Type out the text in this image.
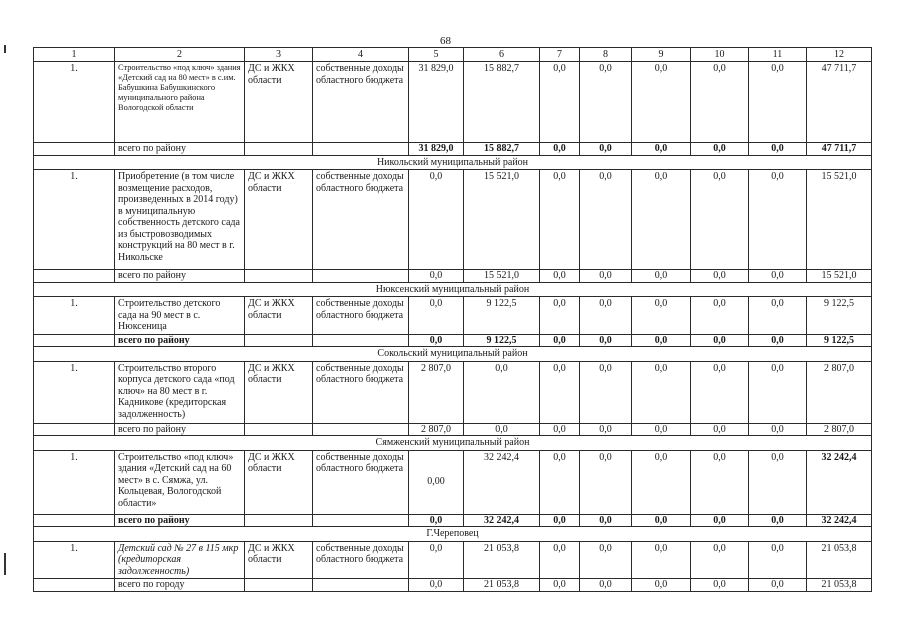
68
1	2	3	4	5	6	7	8	9	10	11	12
1.	Строительство «под ключ» здания «Детский сад на 80 мест» в с.им. Бабушкина Бабушкинского муниципального района Вологодской области	ДС и ЖКХ области	собственные доходы областного бюджета	31 829,0	15 882,7	0,0	0,0	0,0	0,0	0,0	47 711,7
	всего по району			31 829,0	15 882,7	0,0	0,0	0,0	0,0	0,0	47 711,7
Никольский муниципальный район											
1.	Приобретение (в том числе возмещение расходов, произведенных в 2014 году) в муниципальную собственность детского сада из быстровозводимых конструкций на 80 мест в г. Никольске	ДС и ЖКХ области	собственные доходы областного бюджета	0,0	15 521,0	0,0	0,0	0,0	0,0	0,0	15 521,0
	всего по району			0,0	15 521,0	0,0	0,0	0,0	0,0	0,0	15 521,0
Нюксенский муниципальный район											
1.	Строительство детского сада на 90 мест в с. Нюксеница	ДС и ЖКХ области	собственные доходы областного бюджета	0,0	9 122,5	0,0	0,0	0,0	0,0	0,0	9 122,5
	всего по району			0,0	9 122,5	0,0	0,0	0,0	0,0	0,0	9 122,5
Сокольский муниципальный район											
1.	Строительство второго корпуса детского сада «под ключ» на 80 мест в г. Кадникове (кредиторская задолженность)	ДС и ЖКХ области	собственные доходы областного бюджета	2 807,0	0,0	0,0	0,0	0,0	0,0	0,0	2 807,0
	всего по району			2 807,0	0,0	0,0	0,0	0,0	0,0	0,0	2 807,0
Сямженский муниципальный район											
1.	Строительство «под ключ» здания «Детский сад на 60 мест» в с. Сямжа, ул. Кольцевая, Вологодской области»	ДС и ЖКХ области	собственные доходы областного бюджета	0,00	32 242,4	0,0	0,0	0,0	0,0	0,0	32 242,4
	всего по району			0,0	32 242,4	0,0	0,0	0,0	0,0	0,0	32 242,4
Г.Череповец											
1.	Детский сад № 27 в 115 мкр (кредиторская задолженность)	ДС и ЖКХ области	собственные доходы областного бюджета	0,0	21 053,8	0,0	0,0	0,0	0,0	0,0	21 053,8
	всего по городу			0,0	21 053,8	0,0	0,0	0,0	0,0	0,0	21 053,8
